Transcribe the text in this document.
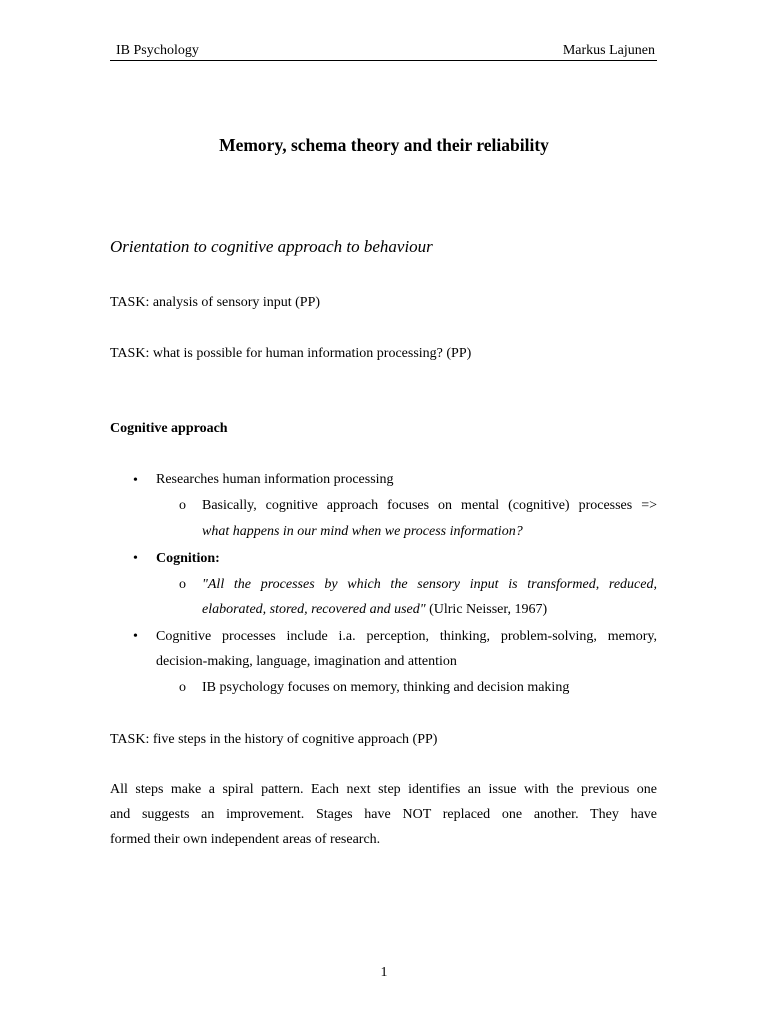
IB Psychology	Markus Lajunen
Memory, schema theory and their reliability
Orientation to cognitive approach to behaviour
TASK: analysis of sensory input (PP)
TASK: what is possible for human information processing? (PP)
Cognitive approach
• Researches human information processing
o Basically, cognitive approach focuses on mental (cognitive) processes =>
what happens in our mind when we process information?
• Cognition:
o "All the processes by which the sensory input is transformed, reduced,
elaborated, stored, recovered and used" (Ulric Neisser, 1967)
• Cognitive processes include i.a. perception, thinking, problem-solving, memory,
decision-making, language, imagination and attention
o IB psychology focuses on memory, thinking and decision making
TASK: five steps in the history of cognitive approach (PP)
All steps make a spiral pattern. Each next step identifies an issue with the previous one
and suggests an improvement. Stages have NOT replaced one another. They have
formed their own independent areas of research.
1
